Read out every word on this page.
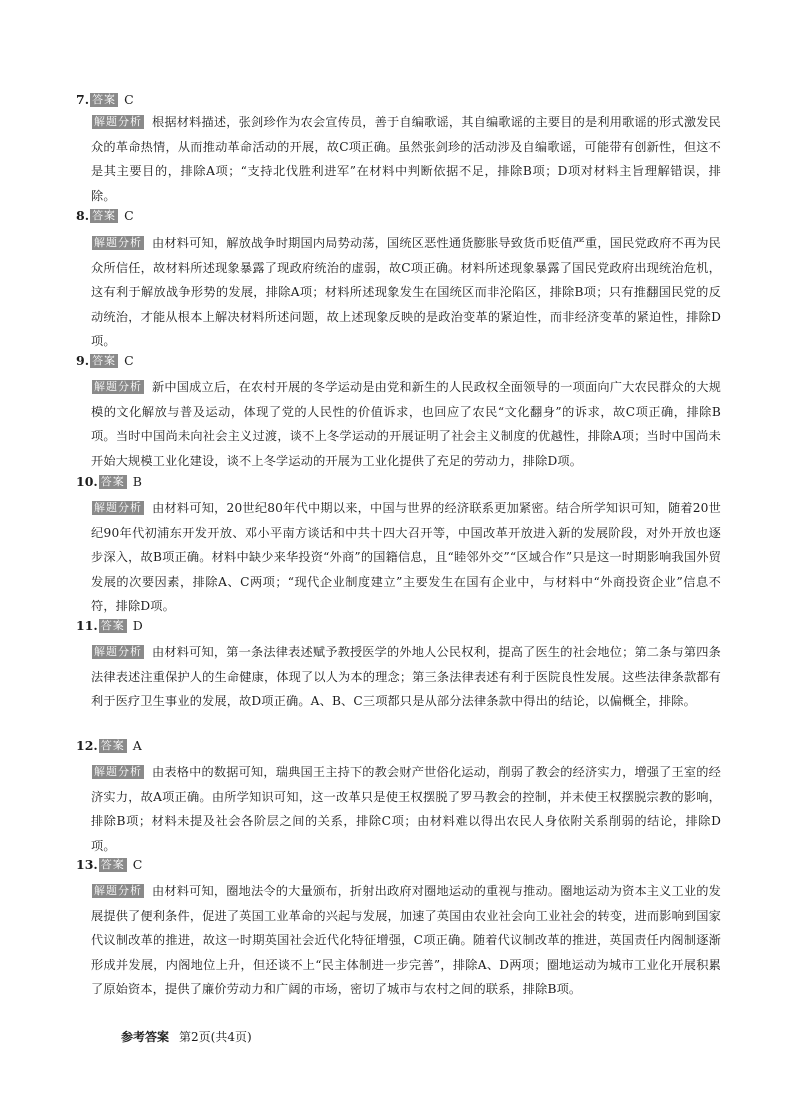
7. 答案 C
解题分析 根据材料描述，张剑珍作为农会宣传员，善于自编歌谣，其自编歌谣的主要目的是利用歌谣的形式激发民众的革命热情，从而推动革命活动的开展，故C项正确。虽然张剑珍的活动涉及自编歌谣，可能带有创新性，但这不是其主要目的，排除A项；“支持北伐胜利进军”在材料中判断依据不足，排除B项；D项对材料主旨理解错误，排除。
8. 答案 C
解题分析 由材料可知，解放战争时期国内局势动荡，国统区恶性通货膨胀导致货币贬值严重，国民党政府不再为民众所信任，故材料所述现象暴露了现政府统治的虚弱，故C项正确。材料所述现象暴露了国民党政府出现统治危机，这有利于解放战争形势的发展，排除A项；材料所述现象发生在国统区而非沦陷区，排除B项；只有推翻国民党的反动统治，才能从根本上解决材料所述问题，故上述现象反映的是政治变革的紧迫性，而非经济变革的紧迫性，排除D项。
9. 答案 C
解题分析 新中国成立后，在农村开展的冬学运动是由党和新生的人民政权全面领导的一项面向广大农民群众的大规模的文化解放与普及运动，体现了党的人民性的价值诉求，也回应了农民“文化翻身”的诉求，故C项正确，排除B项。当时中国尚未向社会主义过渡，谈不上冬学运动的开展证明了社会主义制度的优越性，排除A项；当时中国尚未开始大规模工业化建设，谈不上冬学运动的开展为工业化提供了充足的劳动力，排除D项。
10. 答案 B
解题分析 由材料可知，20世纪80年代中期以来，中国与世界的经济联系更加紧密。结合所学知识可知，随着20世纪90年代初浦东开发开放、邓小平南方谈话和中共十四大召开等，中国改革开放进入新的发展阶段，对外开放也逐步深入，故B项正确。材料中缺少来华投资“外商”的国籍信息，且“睦邻外交”“区域合作”只是这一时期影响我国外贸发展的次要因素，排除A、C两项；“现代企业制度建立”主要发生在国有企业中，与材料中“外商投资企业”信息不符，排除D项。
11. 答案 D
解题分析 由材料可知，第一条法律表述赋予教授医学的外地人公民权利，提高了医生的社会地位；第二条与第四条法律表述注重保护人的生命健康，体现了以人为本的理念；第三条法律表述有利于医院良性发展。这些法律条款都有利于医疗卫生事业的发展，故D项正确。A、B、C三项都只是从部分法律条款中得出的结论，以偏概全，排除。
12. 答案 A
解题分析 由表格中的数据可知，瑞典国王主持下的教会财产世俗化运动，削弱了教会的经济实力，增强了王室的经济实力，故A项正确。由所学知识可知，这一改革只是使王权摆脱了罗马教会的控制，并未使王权摆脱宗教的影响，排除B项；材料未提及社会各阶层之间的关系，排除C项；由材料难以得出农民人身依附关系削弱的结论，排除D项。
13. 答案 C
解题分析 由材料可知，圈地法令的大量颁布，折射出政府对圈地运动的重视与推动。圈地运动为资本主义工业的发展提供了便利条件，促进了英国工业革命的兴起与发展，加速了英国由农业社会向工业社会的转变，进而影响到国家代议制改革的推进，故这一时期英国社会近代化特征增强，C项正确。随着代议制改革的推进，英国责任内阁制逐渐形成并发展，内阁地位上升，但还谈不上“民主体制进一步完善”，排除A、D两项；圈地运动为城市工业化开展积累了原始资本，提供了廉价劳动力和广阔的市场，密切了城市与农村之间的联系，排除B项。
参考答案 第2页(共4页)
